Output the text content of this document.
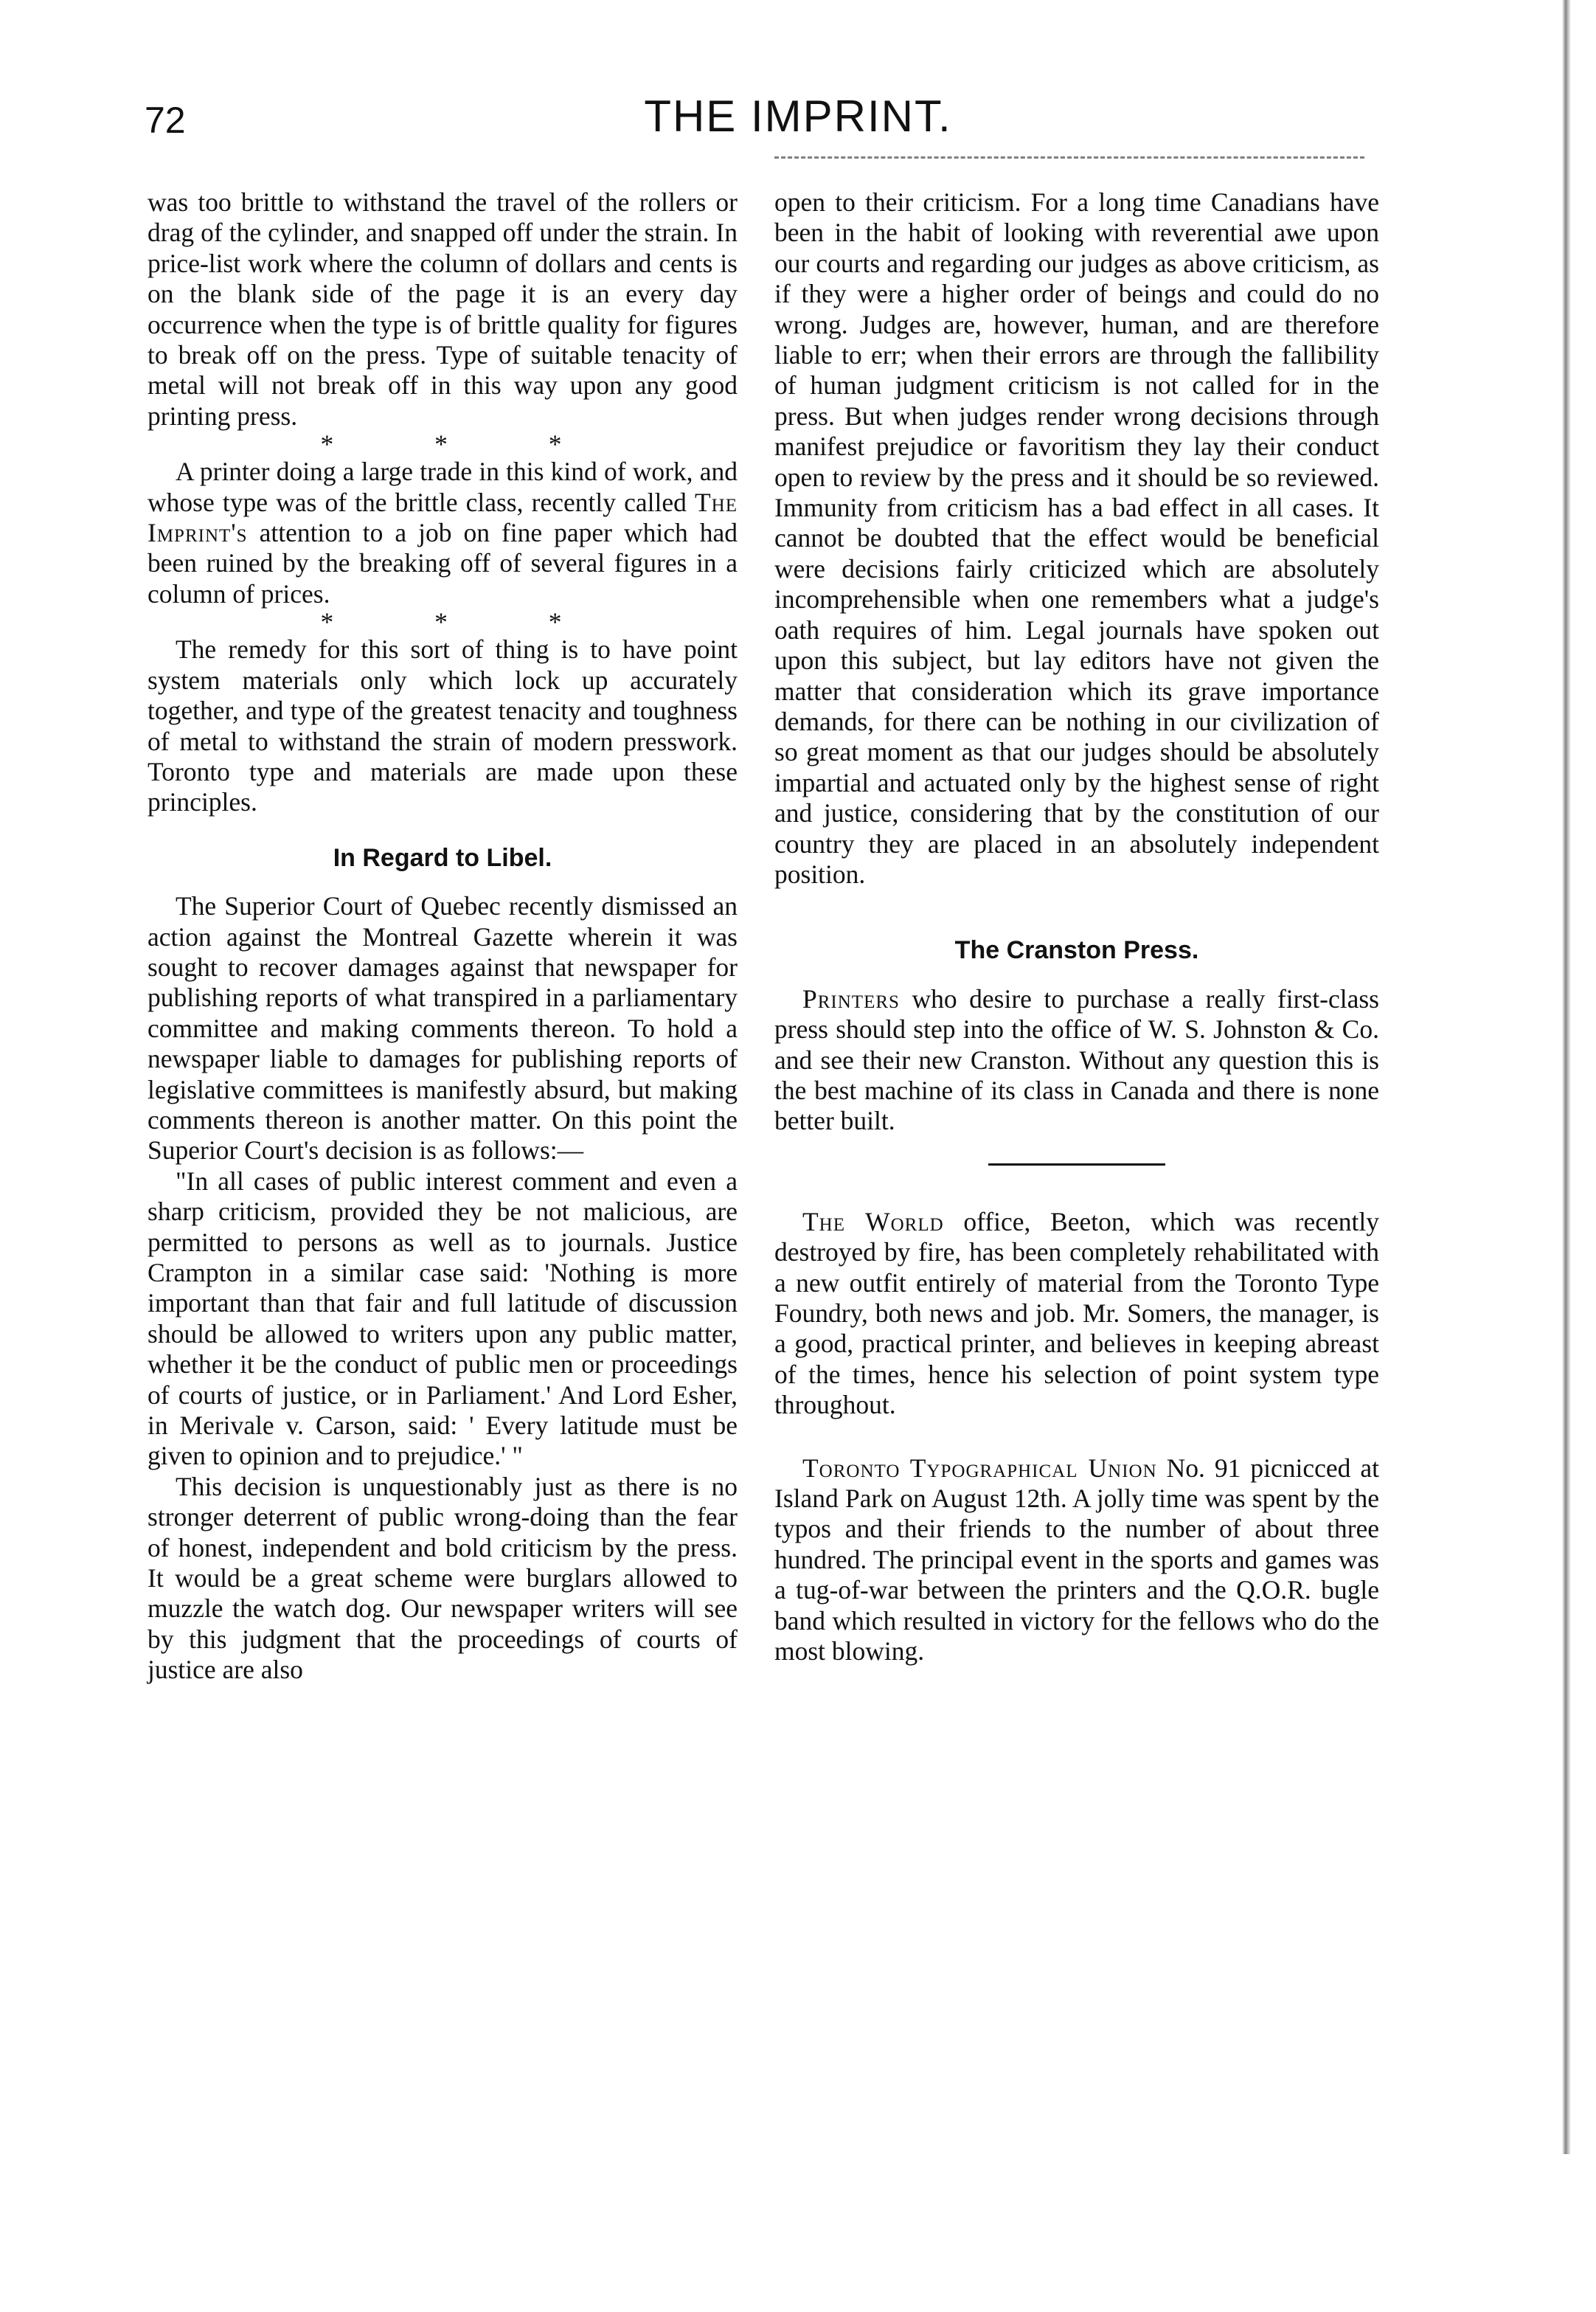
72	THE IMPRINT.

was too brittle to withstand the travel of the rollers or drag of the cylinder, and snapped off under the strain. In price-list work where the column of dollars and cents is on the blank side of the page it is an every day occurrence when the type is of brittle quality for figures to break off on the press. Type of suitable tenacity of metal will not break off in this way upon any good printing press.

* * *

A printer doing a large trade in this kind of work, and whose type was of the brittle class, recently called The Imprint's attention to a job on fine paper which had been ruined by the breaking off of several figures in a column of prices.

* * *

The remedy for this sort of thing is to have point system materials only which lock up accurately together, and type of the greatest tenacity and toughness of metal to withstand the strain of modern presswork. Toronto type and materials are made upon these principles.

In Regard to Libel.

The Superior Court of Quebec recently dismissed an action against the Montreal Gazette wherein it was sought to recover damages against that newspaper for publishing reports of what transpired in a parliamentary committee and making comments thereon. To hold a newspaper liable to damages for publishing reports of legislative committees is manifestly absurd, but making comments thereon is another matter. On this point the Superior Court's decision is as follows:—

"In all cases of public interest comment and even a sharp criticism, provided they be not malicious, are permitted to persons as well as to journals. Justice Crampton in a similar case said: 'Nothing is more important than that fair and full latitude of discussion should be allowed to writers upon any public matter, whether it be the conduct of public men or proceedings of courts of justice, or in Parliament.' And Lord Esher, in Merivale v. Carson, said: ' Every latitude must be given to opinion and to prejudice.' "

This decision is unquestionably just as there is no stronger deterrent of public wrong-doing than the fear of honest, independent and bold criticism by the press. It would be a great scheme were burglars allowed to muzzle the watch dog. Our newspaper writers will see by this judgment that the proceedings of courts of justice are also

open to their criticism. For a long time Canadians have been in the habit of looking with reverential awe upon our courts and regarding our judges as above criticism, as if they were a higher order of beings and could do no wrong. Judges are, however, human, and are therefore liable to err; when their errors are through the fallibility of human judgment criticism is not called for in the press. But when judges render wrong decisions through manifest prejudice or favoritism they lay their conduct open to review by the press and it should be so reviewed. Immunity from criticism has a bad effect in all cases. It cannot be doubted that the effect would be beneficial were decisions fairly criticized which are absolutely incomprehensible when one remembers what a judge's oath requires of him. Legal journals have spoken out upon this subject, but lay editors have not given the matter that consideration which its grave importance demands, for there can be nothing in our civilization of so great moment as that our judges should be absolutely impartial and actuated only by the highest sense of right and justice, considering that by the constitution of our country they are placed in an absolutely independent position.

The Cranston Press.

Printers who desire to purchase a really first-class press should step into the office of W. S. Johnston & Co. and see their new Cranston. Without any question this is the best machine of its class in Canada and there is none better built.

The World office, Beeton, which was recently destroyed by fire, has been completely rehabilitated with a new outfit entirely of material from the Toronto Type Foundry, both news and job. Mr. Somers, the manager, is a good, practical printer, and believes in keeping abreast of the times, hence his selection of point system type throughout.

Toronto Typographical Union No. 91 picnicced at Island Park on August 12th. A jolly time was spent by the typos and their friends to the number of about three hundred. The principal event in the sports and games was a tug-of-war between the printers and the Q.O.R. bugle band which resulted in victory for the fellows who do the most blowing.
